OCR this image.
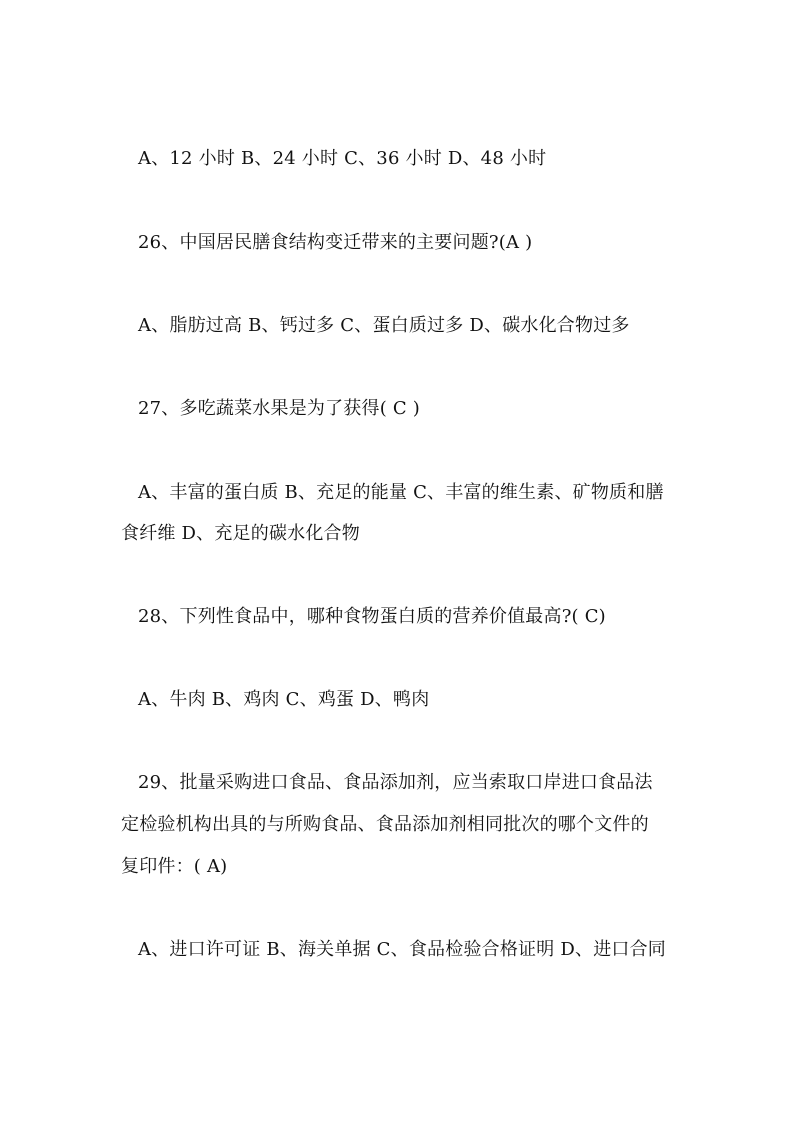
A、12 小时 B、24 小时 C、36 小时 D、48 小时
26、中国居民膳食结构变迁带来的主要问题?(A )
A、脂肪过高 B、钙过多 C、蛋白质过多 D、碳水化合物过多
27、多吃蔬菜水果是为了获得( C )
A、丰富的蛋白质 B、充足的能量 C、丰富的维生素、矿物质和膳
食纤维 D、充足的碳水化合物
28、下列性食品中，哪种食物蛋白质的营养价值最高?( C)
A、牛肉 B、鸡肉 C、鸡蛋 D、鸭肉
29、批量采购进口食品、食品添加剂，应当索取口岸进口食品法
定检验机构出具的与所购食品、食品添加剂相同批次的哪个文件的
复印件：( A)
A、进口许可证 B、海关单据 C、食品检验合格证明 D、进口合同
